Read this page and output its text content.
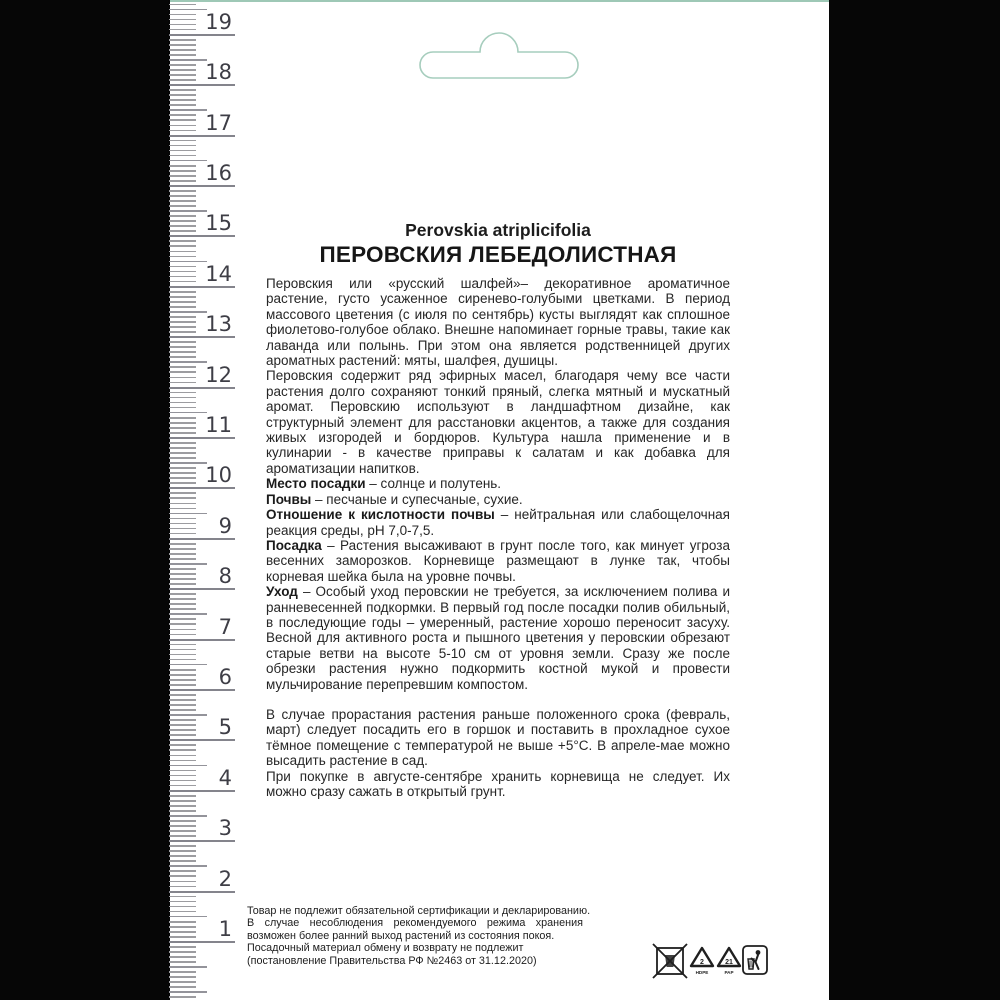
1
2
3
4
5
6
7
8
9
10
11
12
13
14
15
16
17
18
19
Perovskia atriplicifolia
ПЕРОВСКИЯ ЛЕБЕДОЛИСТНАЯ

Перовския или «русский шалфей»– декоративное ароматичное растение, густо усаженное сиренево-голубыми цветками. В период массового цветения (с июля по сентябрь) кусты выглядят как сплошное фиолетово-голубое облако. Внешне напоминает горные травы, такие как лаванда или полынь. При этом она является родственницей других ароматных растений: мяты, шалфея, душицы.

Перовския содержит ряд эфирных масел, благодаря чему все части растения долго сохраняют тонкий пряный, слегка мятный и мускатный аромат. Перовскию используют в ландшафтном дизайне, как структурный элемент для расстановки акцентов, а также для создания живых изгородей и бордюров. Культура нашла применение и в кулинарии - в качестве приправы к салатам и как добавка для ароматизации напитков.

Место посадки – солнце и полутень.

Почвы – песчаные и супесчаные, сухие.

Отношение к кислотности почвы – нейтральная или слабощелочная реакция среды, pH 7,0-7,5.

Посадка – Растения высаживают в грунт после того, как минует угроза весенних заморозков. Корневище размещают в лунке так, чтобы корневая шейка была на уровне почвы.

Уход – Особый уход перовскии не требуется, за исключением полива и ранневесенней подкормки. В первый год после посадки полив обильный, в последующие годы – умеренный, растение хорошо переносит засуху. Весной для активного роста и пышного цветения у перовскии обрезают старые ветви на высоте 5-10 см от уровня земли. Сразу же после обрезки растения нужно подкормить костной мукой и провести мульчирование перепревшим компостом.

В случае прорастания растения раньше положенного срока (февраль, март) следует посадить его в горшок и поставить в прохладное сухое тёмное помещение с температурой не выше +5°С. В апреле-мае можно высадить растение в сад.

При покупке в августе-сентябре хранить корневища не следует. Их можно сразу сажать в открытый грунт.

Товар не подлежит обязательной сертификации и декларированию.
В случае несоблюдения рекомендуемого режима хранения возможен более ранний выход растений из состояния покоя.
Посадочный материал обмену и возврату не подлежит
(постановление Правительства РФ №2463 от 31.12.2020)	2
HDPE
21
PAP
